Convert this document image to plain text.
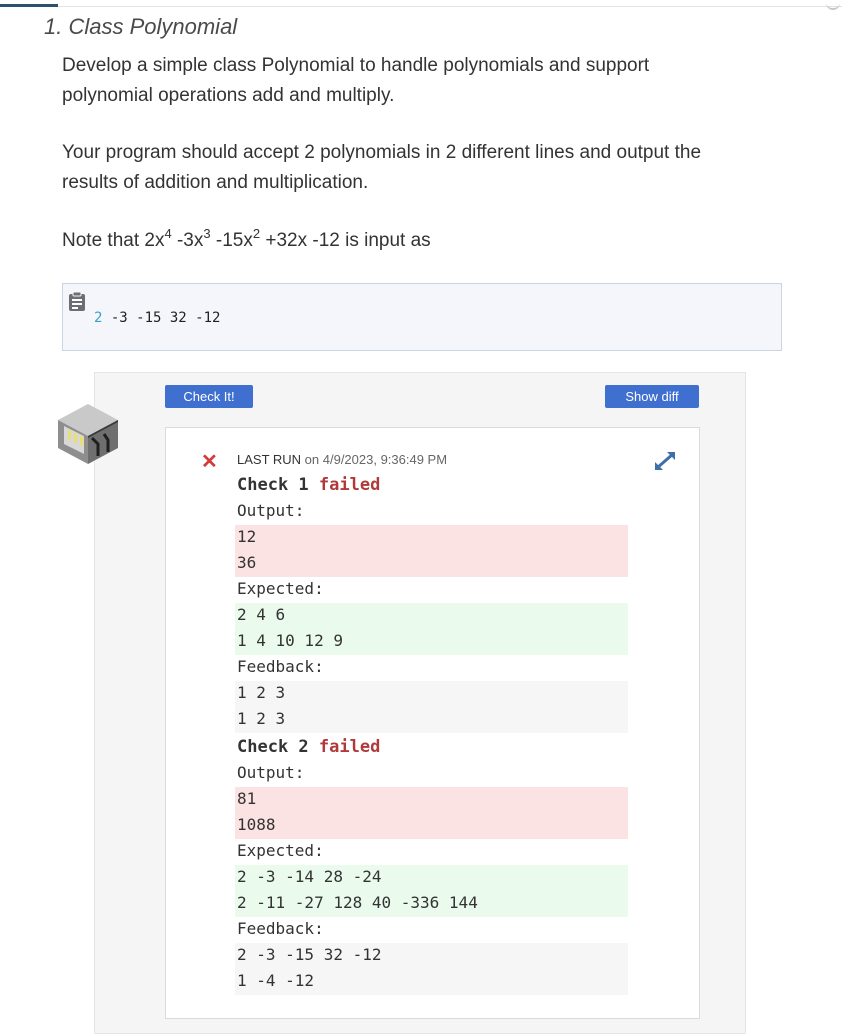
1. Class Polynomial

Develop a simple class Polynomial to handle polynomials and support
polynomial operations add and multiply.

Your program should accept 2 polynomials in 2 different lines and output the
results of addition and multiplication.

Note that $2x^4$ $-3x^3$ $-15x^2 +32x$ -12 is input as

2 -3 -15 32 -12
Check It!	Show diff
✕ LAST RUN on 4/9/2023, 9:36:49 PM
Check 1 failed
Output:
12
36
Expected:
2 4 6
1 4 10 12 9
Feedback:
1 2 3
1 2 3
Check 2 failed
Output:
81
1088
Expected:
2 -3 -14 28 -24
2 -11 -27 128 40 -336 144
Feedback:
2 -3 -15 32 -12
1 -4 -12
